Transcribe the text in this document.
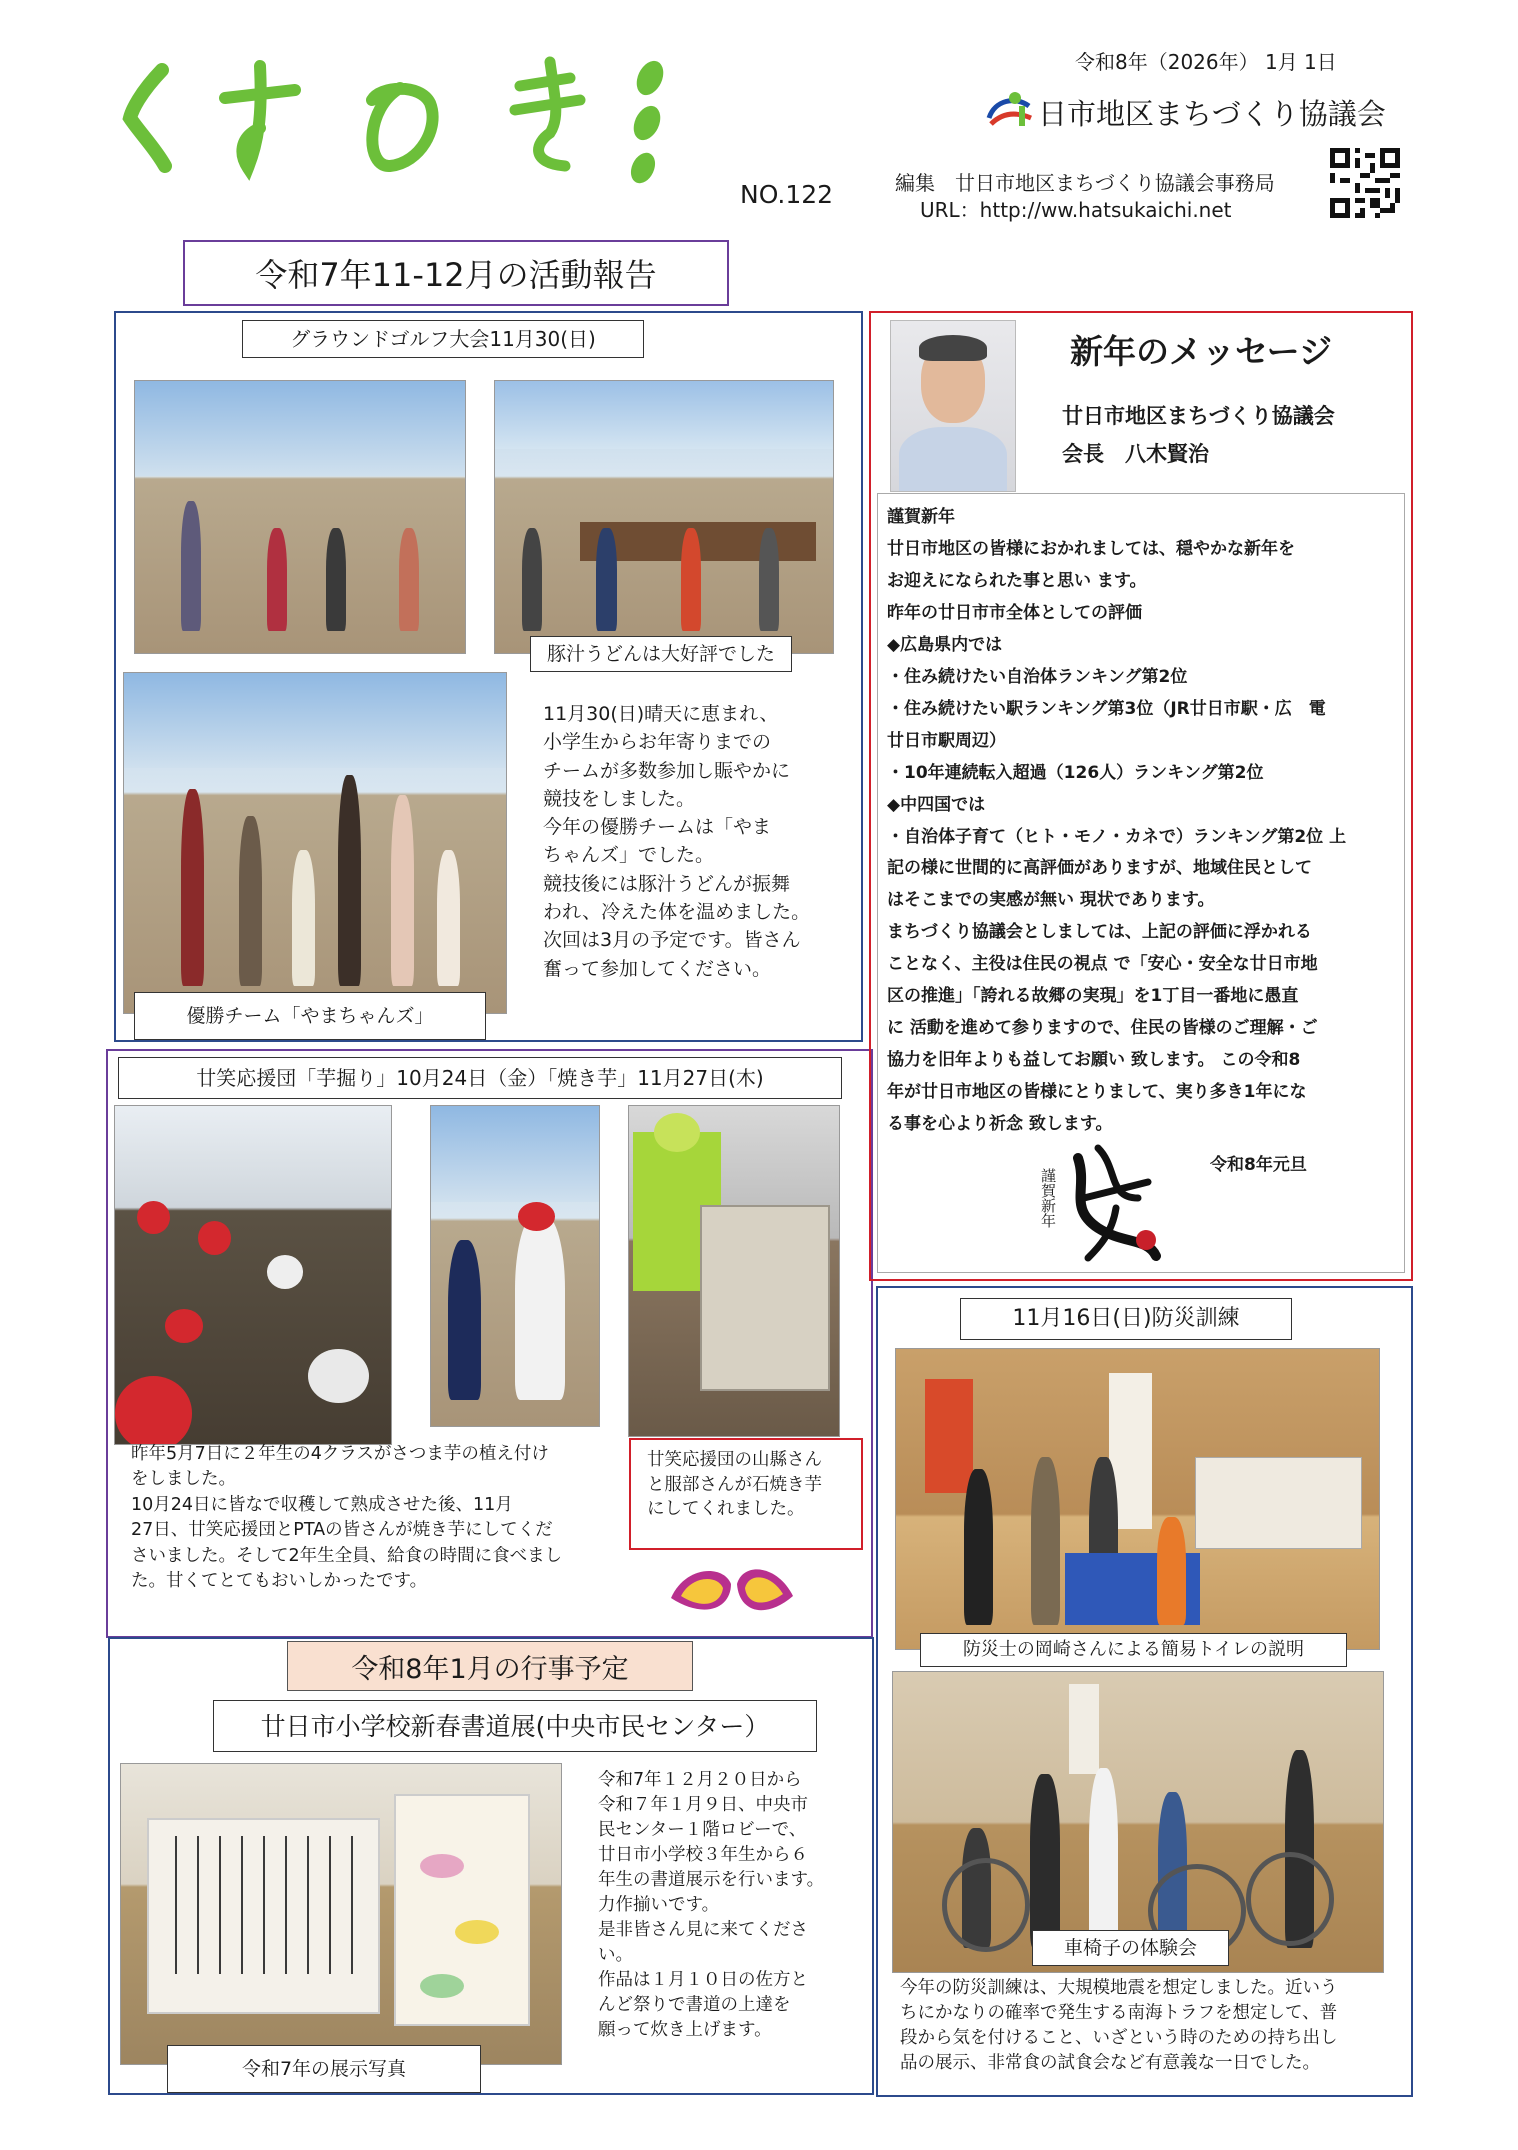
令和8年（2026年） 1月 1日
日市地区まちづくり協議会
NO.122	編集　廿日市地区まちづくり協議会事務局
URL：http://ww.hatsukaichi.net
令和7年11-12月の活動報告
グラウンドゴルフ大会11月30(日)
豚汁うどんは大好評でした
優勝チーム「やまちゃんズ」
11月30(日)晴天に恵まれ、
小学生からお年寄りまでの
チームが多数参加し賑やかに
競技をしました。
今年の優勝チームは「やま
ちゃんズ」でした。
競技後には豚汁うどんが振舞
われ、冷えた体を温めました。
次回は3月の予定です。皆さん
奮って参加してください。
廿笑応援団「芋掘り」10月24日（金）「焼き芋」11月27日(木)
昨年5月7日に２年生の4クラスがさつま芋の植え付け
をしました。
10月24日に皆なで収穫して熟成させた後、11月
27日、廿笑応援団とPTAの皆さんが焼き芋にしてくだ
さいました。そして2年生全員、給食の時間に食べまし
た。甘くてとてもおいしかったです。
廿笑応援団の山縣さん
と服部さんが石焼き芋
にしてくれました。
新年のメッセージ
廿日市地区まちづくり協議会
会長　八木賢治
謹賀新年
廿日市地区の皆様におかれましては、穏やかな新年を
お迎えになられた事と思い ます。
昨年の廿日市市全体としての評価
◆広島県内では
・住み続けたい自治体ランキング第2位
・住み続けたい駅ランキング第3位（JR廿日市駅・広　電
廿日市駅周辺）
・10年連続転入超過（126人）ランキング第2位
◆中四国では
・自治体子育て（ヒト・モノ・カネで）ランキング第2位 上
記の様に世間的に高評価がありますが、地域住民として
はそこまでの実感が無い 現状であります。
まちづくり協議会としましては、上記の評価に浮かれる
ことなく、主役は住民の視点 で「安心・安全な廿日市地
区の推進」「誇れる故郷の実現」を1丁目一番地に愚直
に 活動を進めて参りますので、住民の皆様のご理解・ご
協力を旧年よりも益してお願い 致します。 この令和8
年が廿日市地区の皆様にとりまして、実り多き1年にな
る事を心より祈念 致します。
令和8年元旦
謹賀新年
令和8年1月の行事予定
廿日市小学校新春書道展(中央市民センター）
令和7年の展示写真
令和7年１２月２０日から
令和７年１月９日、中央市
民センター１階ロビーで、
廿日市小学校３年生から６
年生の書道展示を行います。
力作揃いです。
是非皆さん見に来てくださ
い。
作品は１月１０日の佐方と
んど祭りで書道の上達を
願って炊き上げます。
11月16日(日)防災訓練
防災士の岡崎さんによる簡易トイレの説明
車椅子の体験会
今年の防災訓練は、大規模地震を想定しました。近いう
ちにかなりの確率で発生する南海トラフを想定して、普
段から気を付けること、いざという時のための持ち出し
品の展示、非常食の試食会など有意義な一日でした。
